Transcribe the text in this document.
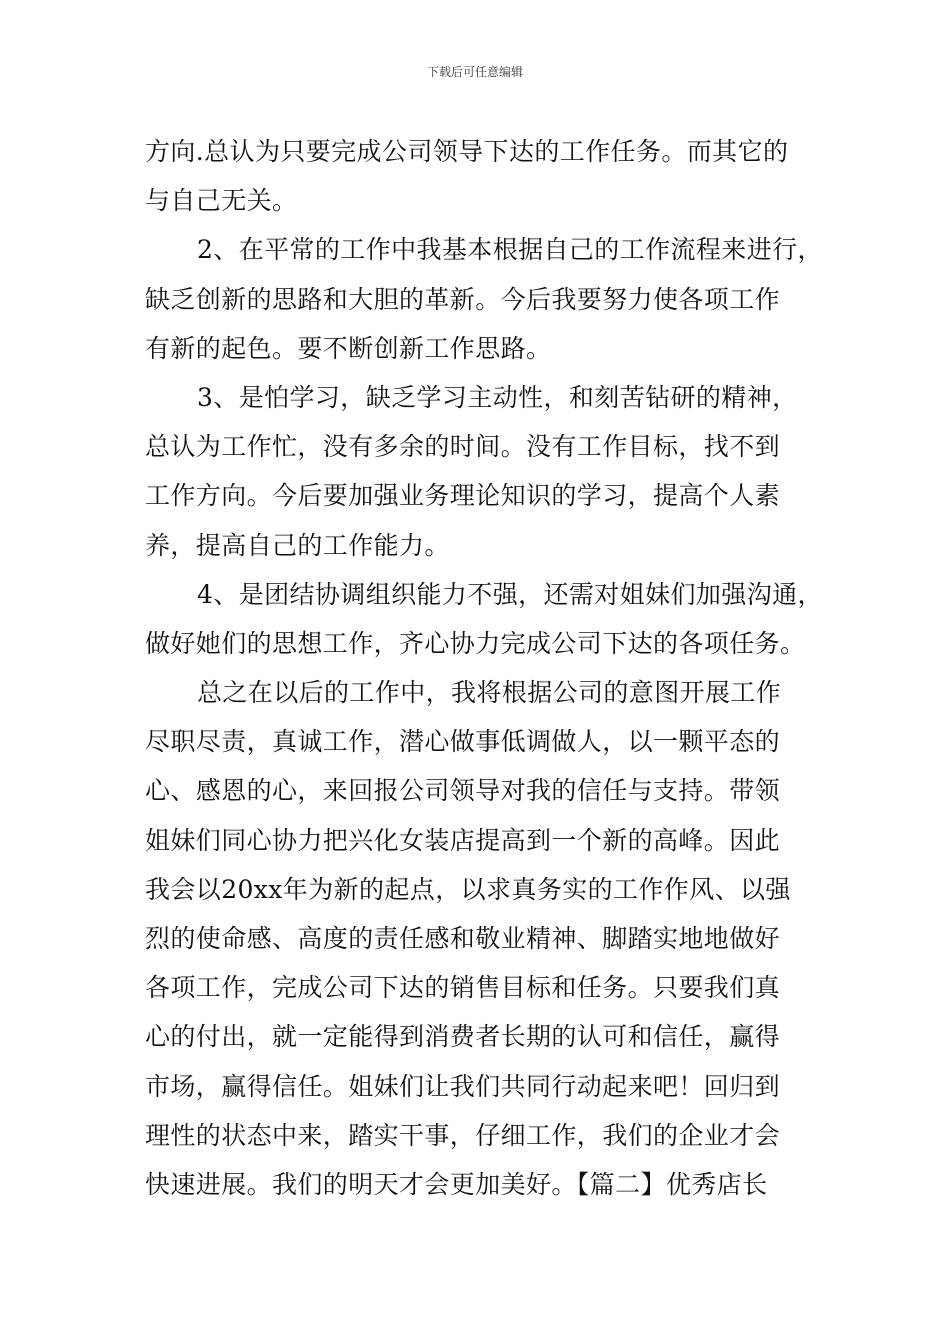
下载后可任意编辑
方向.总认为只要完成公司领导下达的工作任务。而其它的
与自己无关。
2、在平常的工作中我基本根据自己的工作流程来进行，
缺乏创新的思路和大胆的革新。今后我要努力使各项工作
有新的起色。要不断创新工作思路。
3、是怕学习，缺乏学习主动性，和刻苦钻研的精神，
总认为工作忙，没有多余的时间。没有工作目标，找不到
工作方向。今后要加强业务理论知识的学习，提高个人素
养，提高自己的工作能力。
4、是团结协调组织能力不强，还需对姐妹们加强沟通，
做好她们的思想工作，齐心协力完成公司下达的各项任务。
总之在以后的工作中，我将根据公司的意图开展工作
尽职尽责，真诚工作，潜心做事低调做人，以一颗平态的
心、感恩的心，来回报公司领导对我的信任与支持。带领
姐妹们同心协力把兴化女装店提高到一个新的高峰。因此
我会以20xx年为新的起点，以求真务实的工作作风、以强
烈的使命感、高度的责任感和敬业精神、脚踏实地地做好
各项工作，完成公司下达的销售目标和任务。只要我们真
心的付出，就一定能得到消费者长期的认可和信任，赢得
市场，赢得信任。姐妹们让我们共同行动起来吧！回归到
理性的状态中来，踏实干事，仔细工作，我们的企业才会
快速进展。我们的明天才会更加美好。【篇二】优秀店长
